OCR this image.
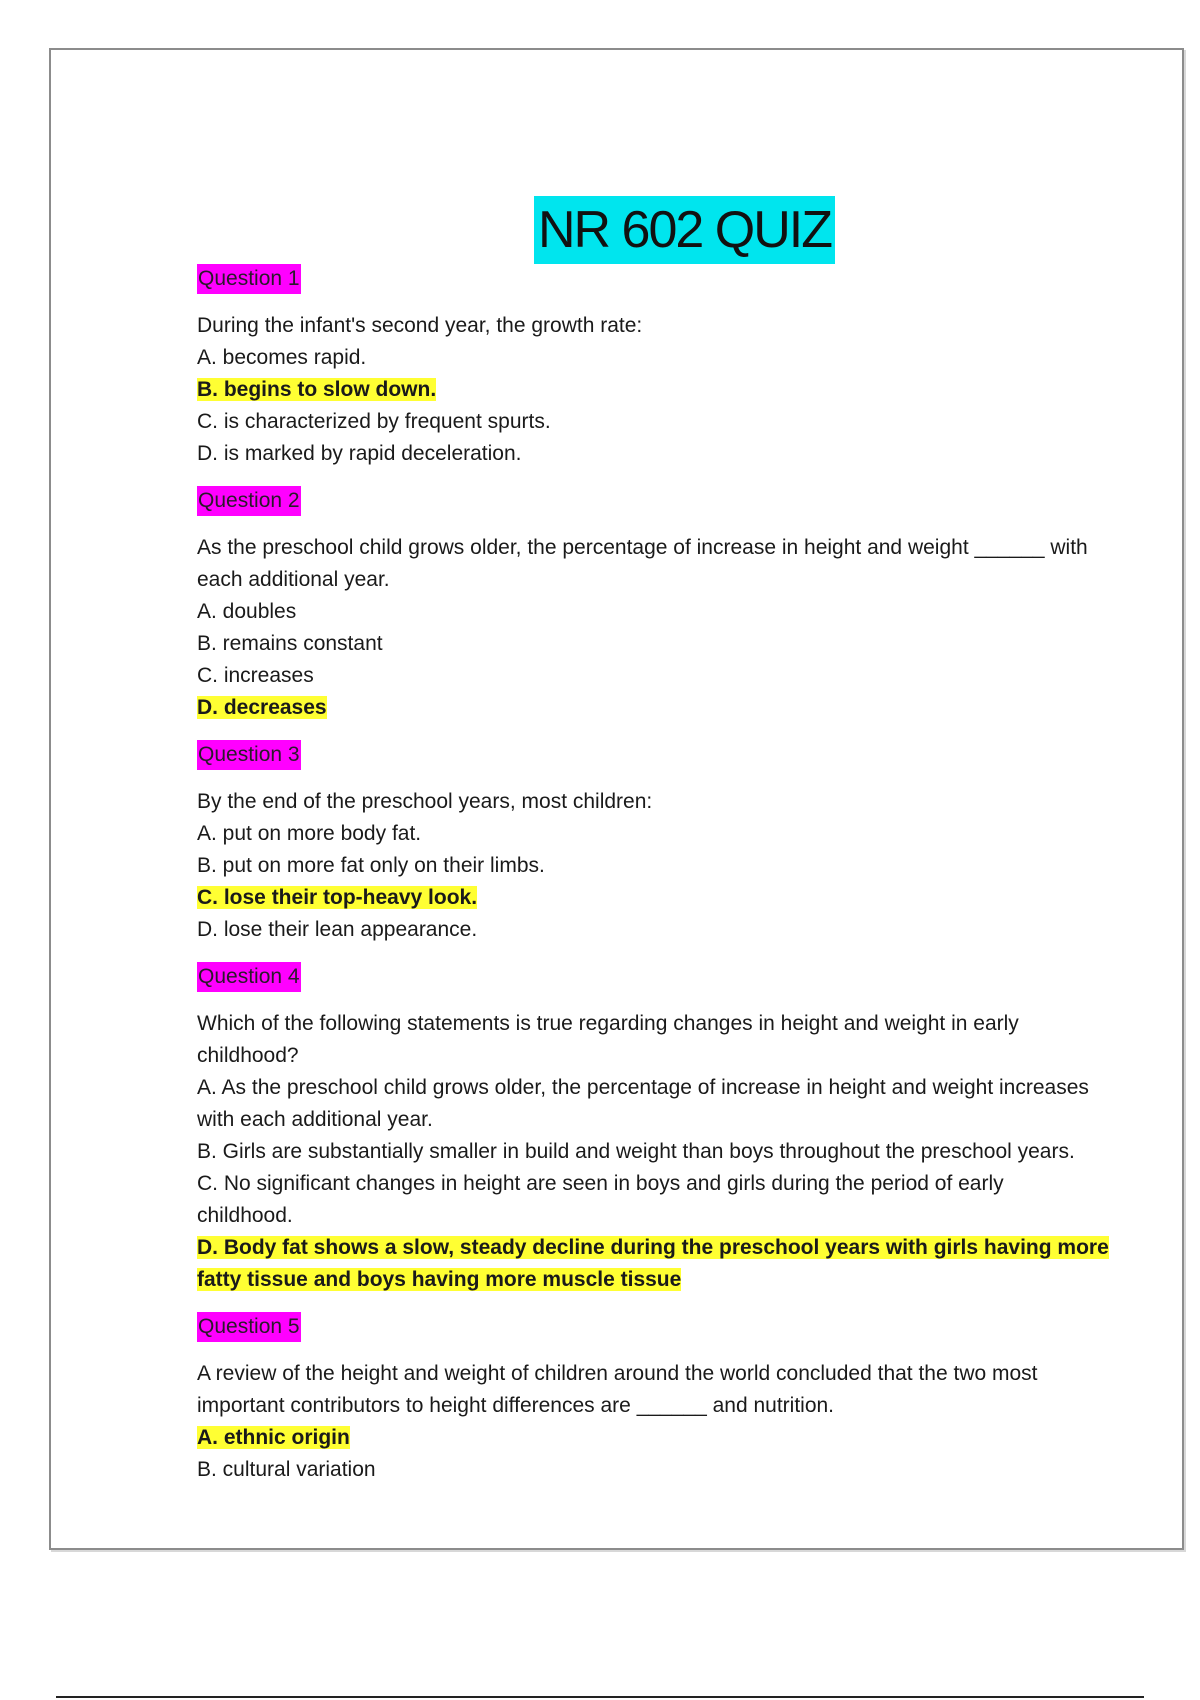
NR 602 QUIZ
Question 1

During the infant's second year, the growth rate:

A. becomes rapid.

B. begins to slow down.

C. is characterized by frequent spurts.

D. is marked by rapid deceleration.

Question 2

As the preschool child grows older, the percentage of increase in height and weight ______ with

each additional year.

A. doubles

B. remains constant

C. increases

D. decreases

Question 3

By the end of the preschool years, most children:

A. put on more body fat.

B. put on more fat only on their limbs.

C. lose their top-heavy look.

D. lose their lean appearance.

Question 4

Which of the following statements is true regarding changes in height and weight in early

childhood?

A. As the preschool child grows older, the percentage of increase in height and weight increases

with each additional year.

B. Girls are substantially smaller in build and weight than boys throughout the preschool years.

C. No significant changes in height are seen in boys and girls during the period of early

childhood.

D. Body fat shows a slow, steady decline during the preschool years with girls having more

fatty tissue and boys having more muscle tissue

Question 5

A review of the height and weight of children around the world concluded that the two most

important contributors to height differences are ______ and nutrition.

A. ethnic origin

B. cultural variation
